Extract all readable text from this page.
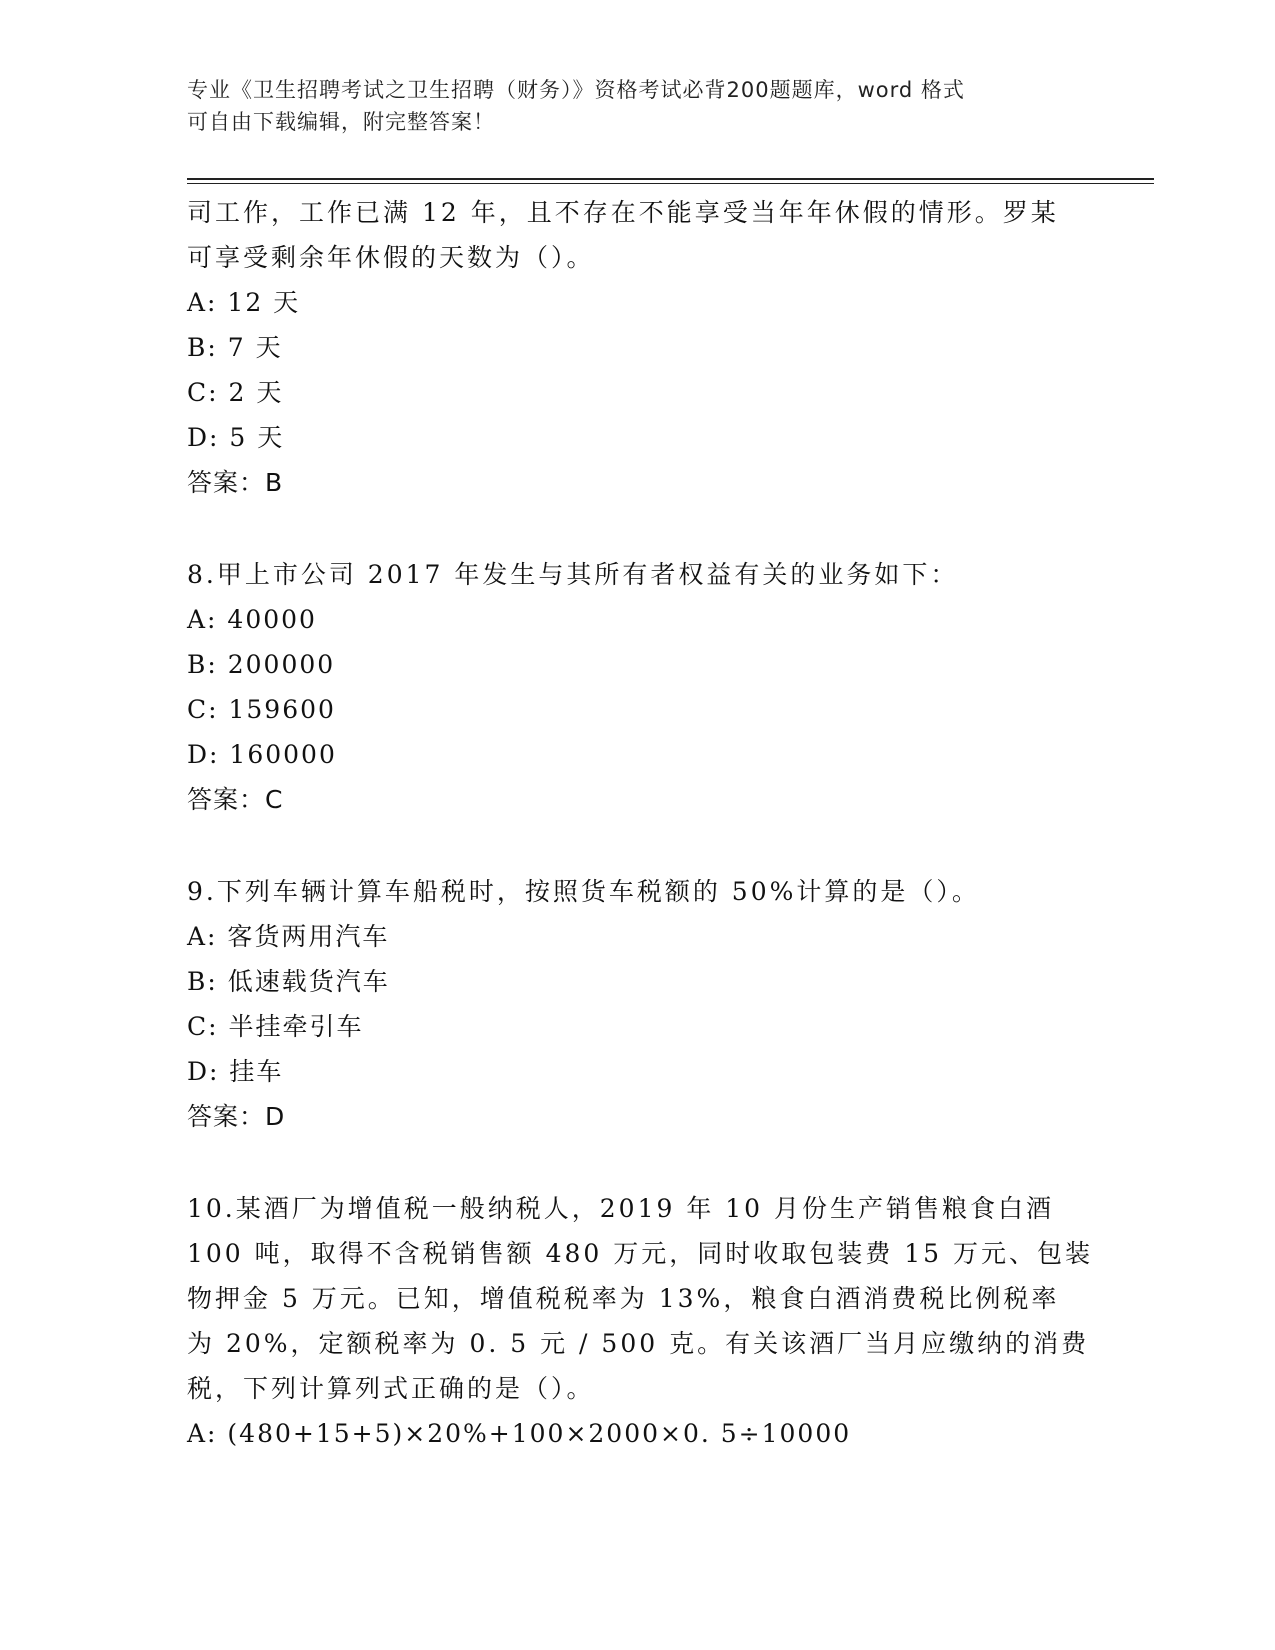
专业《卫生招聘考试之卫生招聘（财务）》资格考试必背200题题库，word 格式
可自由下载编辑，附完整答案！
司工作，工作已满 12 年，且不存在不能享受当年年休假的情形。罗某
可享受剩余年休假的天数为（）。
A: 12 天
B: 7 天
C: 2 天
D: 5 天
答案：B
8.甲上市公司 2017 年发生与其所有者权益有关的业务如下：
A: 40000
B: 200000
C: 159600
D: 160000
答案：C
9.下列车辆计算车船税时，按照货车税额的 50%计算的是（）。
A: 客货两用汽车
B: 低速载货汽车
C: 半挂牵引车
D: 挂车
答案：D
10.某酒厂为增值税一般纳税人，2019 年 10 月份生产销售粮食白酒
100 吨，取得不含税销售额 480 万元，同时收取包装费 15 万元、包装
物押金 5 万元。已知，增值税税率为 13%，粮食白酒消费税比例税率
为 20%，定额税率为 0. 5 元 / 500 克。有关该酒厂当月应缴纳的消费
税，下列计算列式正确的是（）。
A: (480+15+5)×20%+100×2000×0. 5÷10000
